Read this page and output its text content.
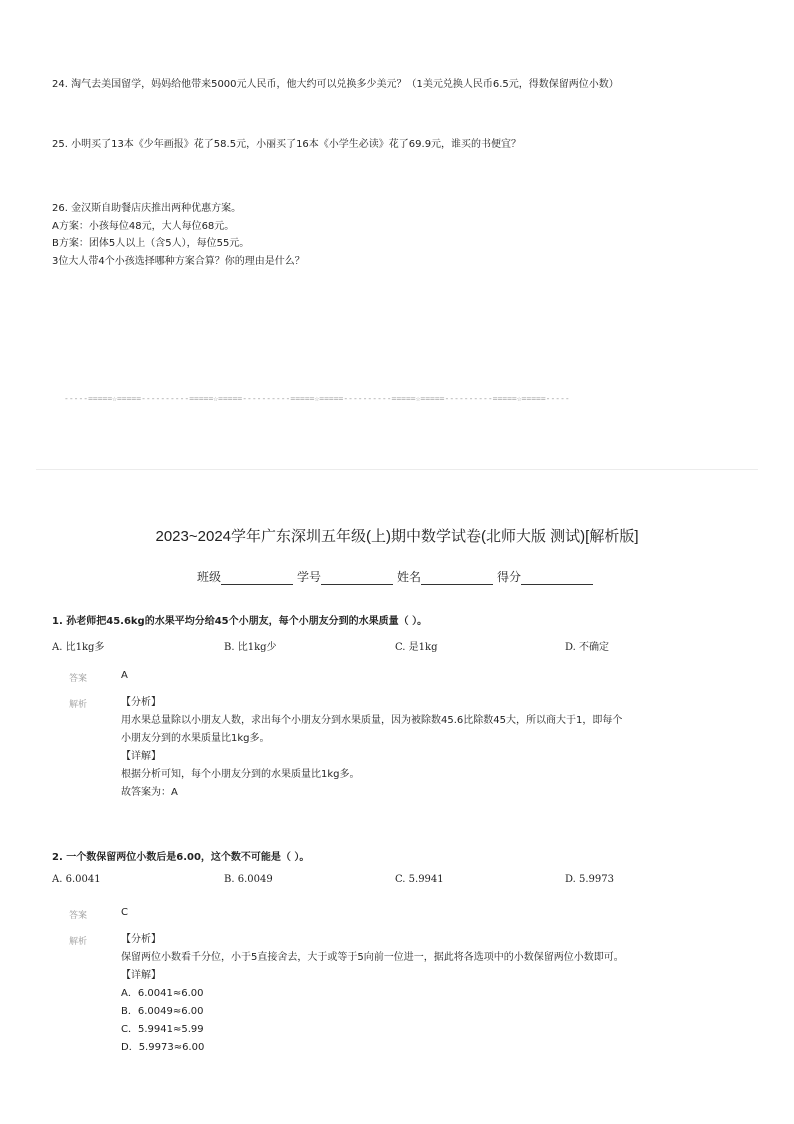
24. 淘气去美国留学，妈妈给他带来5000元人民币，他大约可以兑换多少美元？（1美元兑换人民币6.5元，得数保留两位小数）
25. 小明买了13本《少年画报》花了58.5元，小丽买了16本《小学生必读》花了69.9元，谁买的书便宜？
26. 金汉斯自助餐店庆推出两种优惠方案。
A方案：小孩每位48元，大人每位68元。
B方案：团体5人以上（含5人），每位55元。
3位大人带4个小孩选择哪种方案合算？你的理由是什么？
-----=====☆=====----------=====☆=====----------=====☆=====----------=====☆=====----------=====☆=====-----
2023~2024学年广东深圳五年级(上)期中数学试卷(北师大版 测试)[解析版]
班级	学号	姓名	得分
1. 孙老师把45.6kg的水果平均分给45个小朋友，每个小朋友分到的水果质量（ ）。
A. 比1kg多	B. 比1kg少	C. 是1kg	D. 不确定
答案	A
解析	【分析】
用水果总量除以小朋友人数，求出每个小朋友分到水果质量，因为被除数45.6比除数45大，所以商大于1，即每个
小朋友分到的水果质量比1kg多。
【详解】
根据分析可知，每个小朋友分到的水果质量比1kg多。
故答案为：A
2. 一个数保留两位小数后是6.00，这个数不可能是（ ）。
A. 6.0041	B. 6.0049	C. 5.9941	D. 5.9973
答案	C
解析	【分析】
保留两位小数看千分位，小于5直接舍去，大于或等于5向前一位进一，据此将各选项中的小数保留两位小数即可。
【详解】
A．6.0041≈6.00
B．6.0049≈6.00
C．5.9941≈5.99
D．5.9973≈6.00
